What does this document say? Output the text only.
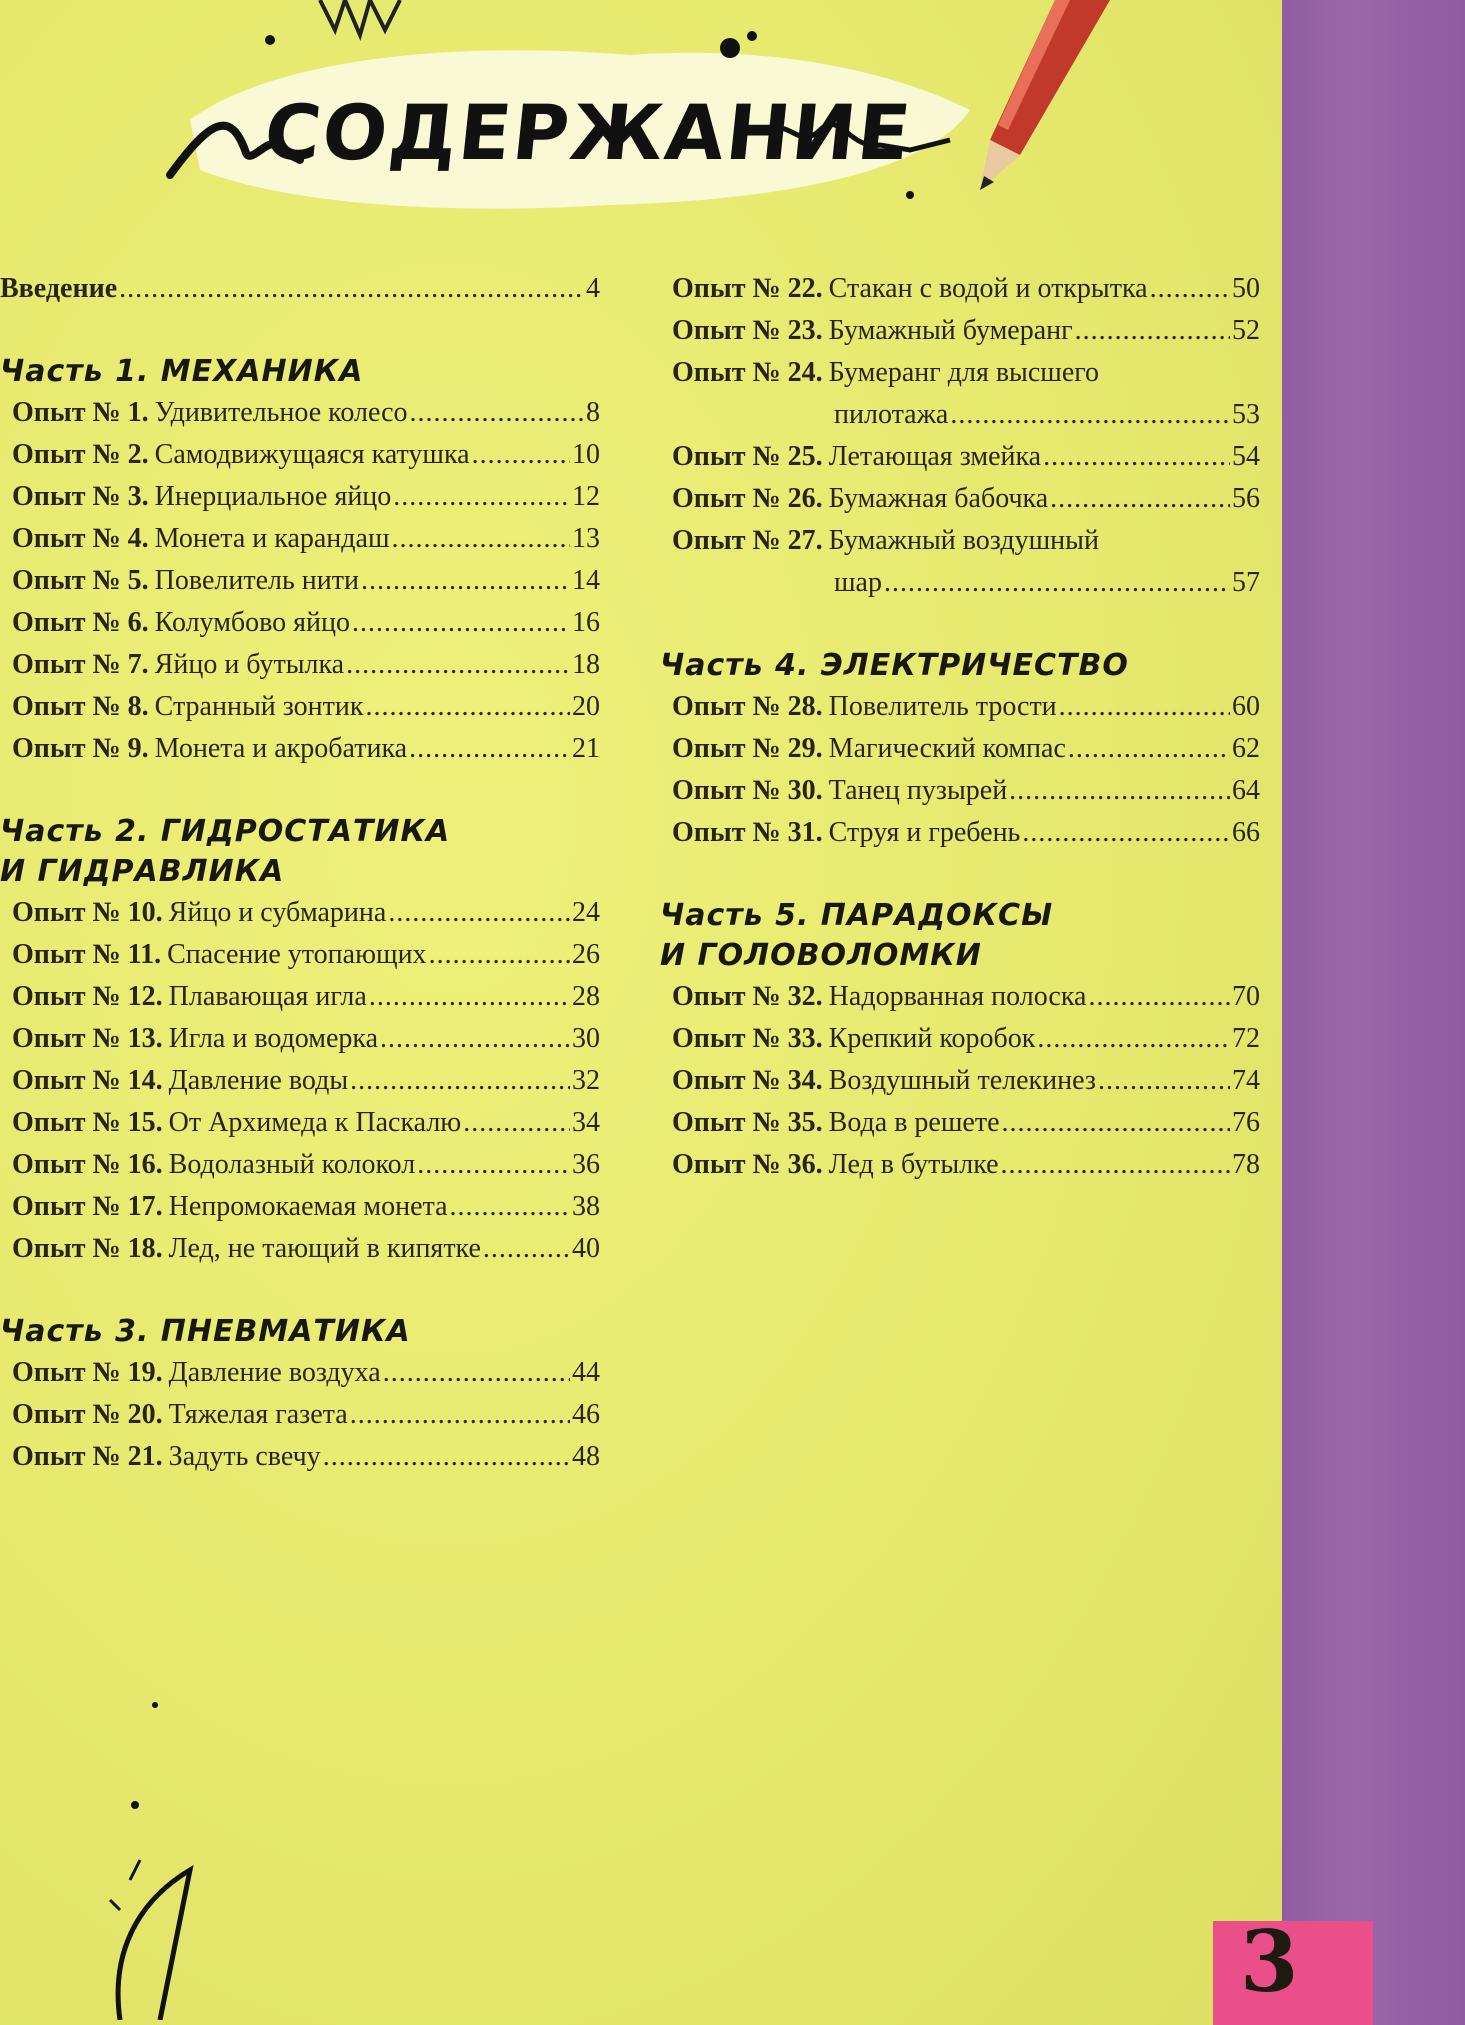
3
СОДЕРЖАНИЕ
Введение .....	4
Часть 1. МЕХАНИКА
Опыт № 1. Удивительное колесо .....	8
Опыт № 2. Самодвижущаяся катушка .....	10
Опыт № 3. Инерциальное яйцо .....	12
Опыт № 4. Монета и карандаш .....	13
Опыт № 5. Повелитель нити .....	14
Опыт № 6. Колумбово яйцо .....	16
Опыт № 7. Яйцо и бутылка .....	18
Опыт № 8. Странный зонтик .....	20
Опыт № 9. Монета и акробатика .....	21
Часть 2. ГИДРОСТАТИКА
И ГИДРАВЛИКА
Опыт № 10. Яйцо и субмарина .....	24
Опыт № 11. Спасение утопающих .....	26
Опыт № 12. Плавающая игла .....	28
Опыт № 13. Игла и водомерка .....	30
Опыт № 14. Давление воды .....	32
Опыт № 15. От Архимеда к Паскалю .....	34
Опыт № 16. Водолазный колокол .....	36
Опыт № 17. Непромокаемая монета .....	38
Опыт № 18. Лед, не тающий в кипятке .....	40
Часть 3. ПНЕВМАТИКА
Опыт № 19. Давление воздуха .....	44
Опыт № 20. Тяжелая газета .....	46
Опыт № 21. Задуть свечу .....	48
Опыт № 22. Стакан с водой и открытка .....	50
Опыт № 23. Бумажный бумеранг .....	52
Опыт № 24. Бумеранг для высшего
пилотажа .....	53
Опыт № 25. Летающая змейка .....	54
Опыт № 26. Бумажная бабочка .....	56
Опыт № 27. Бумажный воздушный
шар .....	57
Часть 4. ЭЛЕКТРИЧЕСТВО
Опыт № 28. Повелитель трости .....	60
Опыт № 29. Магический компас .....	62
Опыт № 30. Танец пузырей .....	64
Опыт № 31. Струя и гребень .....	66
Часть 5. ПАРАДОКСЫ
И ГОЛОВОЛОМКИ
Опыт № 32. Надорванная полоска .....	70
Опыт № 33. Крепкий коробок .....	72
Опыт № 34. Воздушный телекинез .....	74
Опыт № 35. Вода в решете .....	76
Опыт № 36. Лед в бутылке .....	78
